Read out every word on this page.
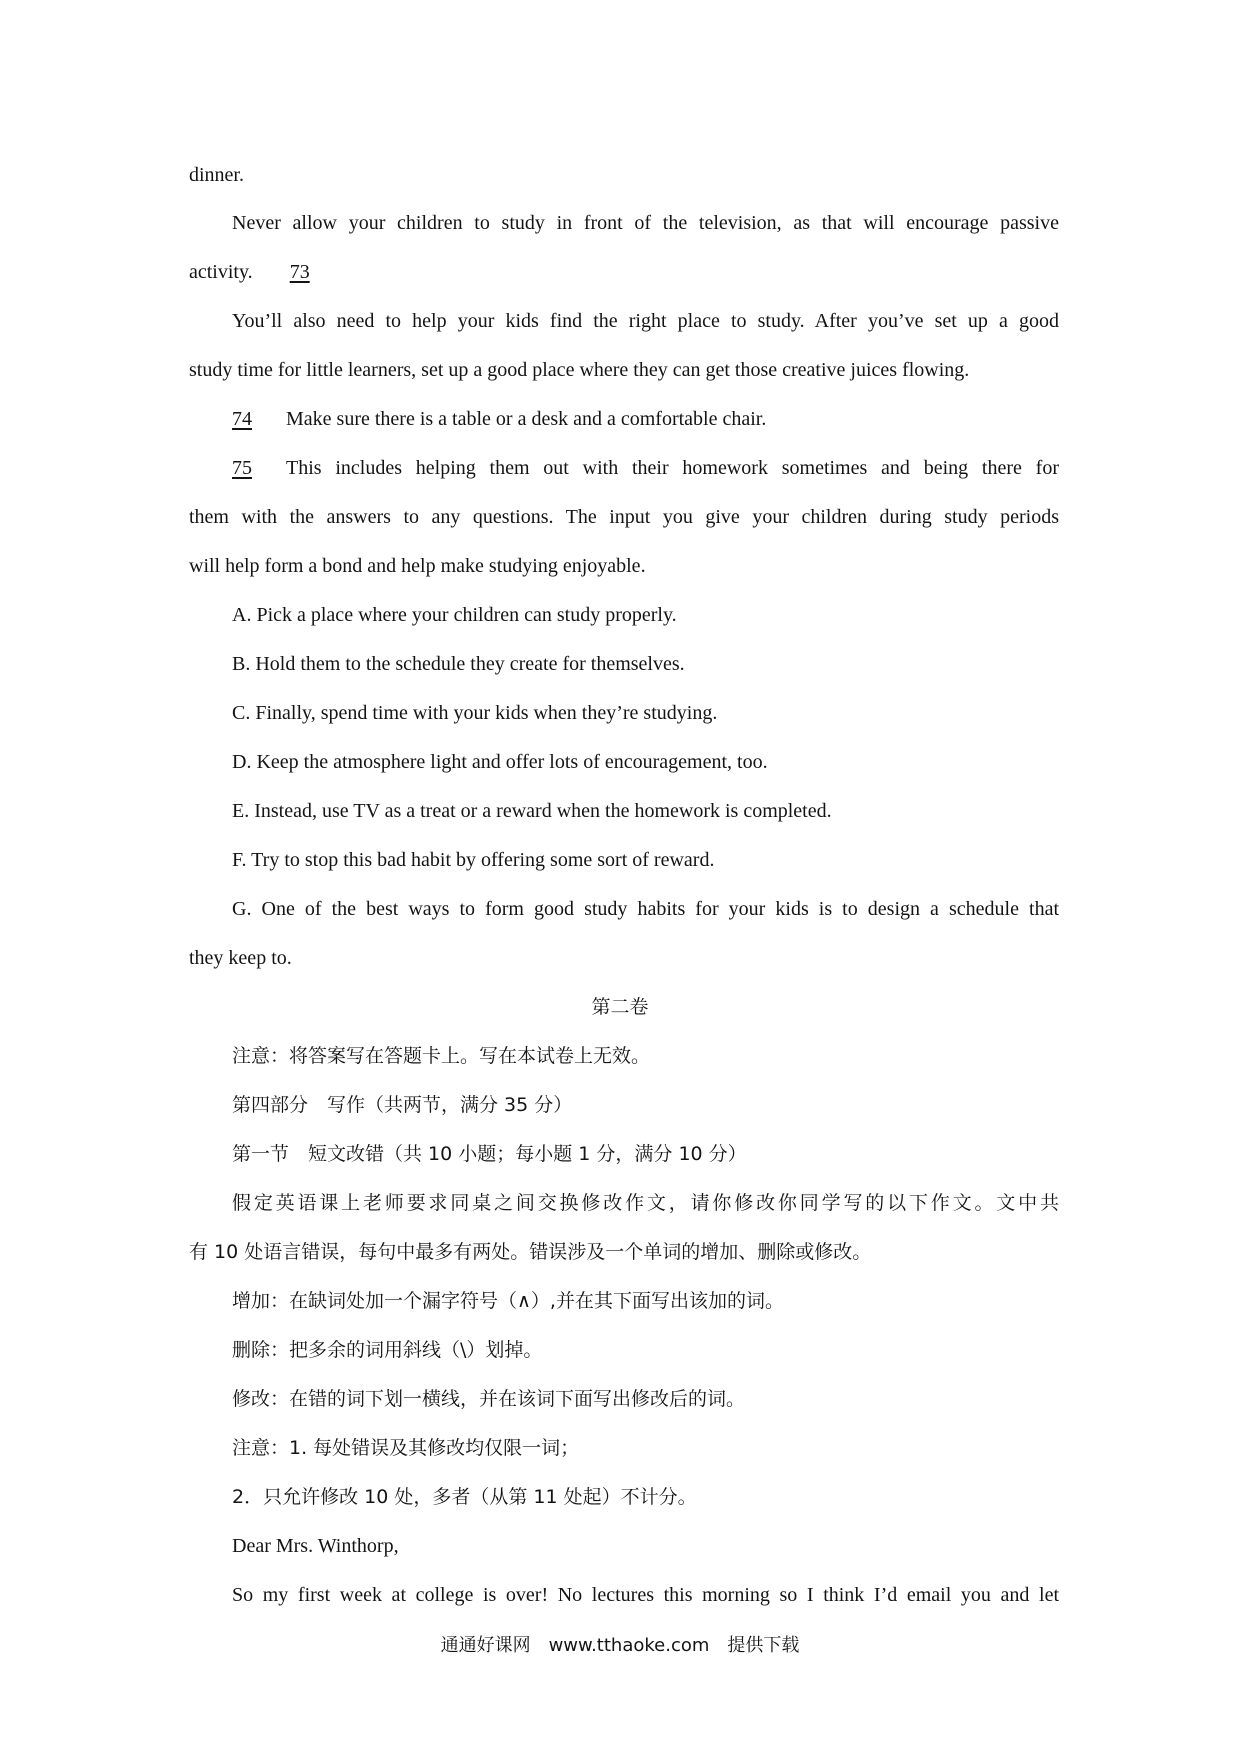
dinner.
Never allow your children to study in front of the television, as that will encourage passive
activity. 73
You’ll also need to help your kids find the right place to study. After you’ve set up a good
study time for little learners, set up a good place where they can get those creative juices flowing.
74 Make sure there is a table or a desk and a comfortable chair.
75	This includes helping them out with their homework sometimes and being there for
them with the answers to any questions. The input you give your children during study periods
will help form a bond and help make studying enjoyable.
A. Pick a place where your children can study properly.
B. Hold them to the schedule they create for themselves.
C. Finally, spend time with your kids when they’re studying.
D. Keep the atmosphere light and offer lots of encouragement, too.
E. Instead, use TV as a treat or a reward when the homework is completed.
F. Try to stop this bad habit by offering some sort of reward.
G. One of the best ways to form good study habits for your kids is to design a schedule that
they keep to.
第二卷
注意：将答案写在答题卡上。写在本试卷上无效。
第四部分　写作（共两节，满分 35 分）
第一节　短文改错（共 10 小题；每小题 1 分，满分 10 分）
假定英语课上老师要求同桌之间交换修改作文，请你修改你同学写的以下作文。文中共
有 10 处语言错误，每句中最多有两处。错误涉及一个单词的增加、删除或修改。
增加：在缺词处加一个漏字符号（∧）,并在其下面写出该加的词。
删除：把多余的词用斜线（\）划掉。
修改：在错的词下划一横线，并在该词下面写出修改后的词。
注意：1. 每处错误及其修改均仅限一词；
2．只允许修改 10 处，多者（从第 11 处起）不计分。
Dear Mrs. Winthorp,
So my first week at college is over! No lectures this morning so I think I’d email you and let
通通好课网　www.tthaoke.com　提供下载
